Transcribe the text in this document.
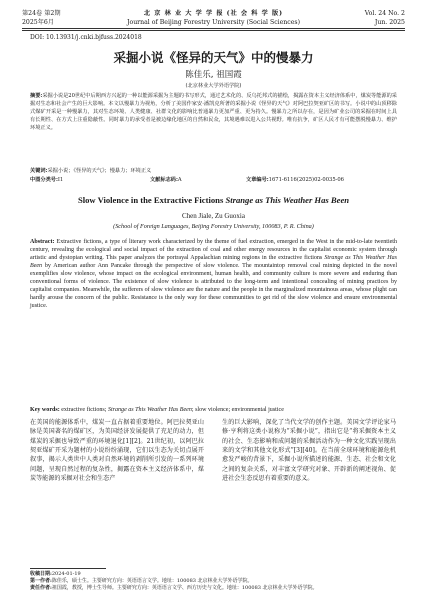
第24卷 第2期
2025年6月
北 京 林 业 大 学 学 报 (社 会 科 学 版)
Journal of Beijing Forestry University (Social Sciences)
Vol. 24 No. 2
Jun. 2025
DOI: 10.13931/j.cnki.bjfuss.2024018
采掘小说《怪异的天气》中的慢暴力
陈佳乐, 祖国霞
(北京林业大学外语学院)
摘要:采掘小说是20世纪中后期西方兴起的一种以能源采掘为主题的书写形式，通过艺术化的、反乌托邦式的描绘，揭露在资本主义经济体系中，煤炭等能源的采掘对生态和社会产生的巨大影响。本文以慢暴力为视角，分析了美国作家安·潘凯克所著的采掘小说《怪异的天气》对阿巴拉契亚矿区的书写。小说中的山顶移除式煤矿开采是一种慢暴力，其对生态环境、人类健康、社群文化的影响比普通暴力更加严重、更为持久。慢暴力之所以存在，是因为矿业公司的采掘在时间上具有长期性、在方式上注重隐蔽性。同时暴力的承受者是被边缘化地区的自然和民众，其境遇难以进入公共视野。唯有抗争，矿区人民才有可能摆脱慢暴力、维护环境正义。
关键词:采掘小说；《怪异的天气》；慢暴力；环境正义
中图分类号:I1	文献标志码:A	文章编号:1671-6116(2025)02-0035-06
Slow Violence in the Extractive Fictions Strange as This Weather Has Been
Chen Jiale, Zu Guoxia
(School of Foreign Languages, Beijing Forestry University, 100083, P. R. China)
Abstract: Extractive fictions, a type of literary work characterized by the theme of fuel extraction, emerged in the West in the mid-to-late twentieth century, revealing the ecological and social impact of the extraction of coal and other energy resources in the capitalist economic system through artistic and dystopian writing. This paper analyzes the portrayal Appalachian mining regions in the extractive fictions Strange as This Weather Has Been by American author Ann Pancake through the perspective of slow violence. The mountaintop removal coal mining depicted in the novel exemplifies slow violence, whose impact on the ecological environment, human health, and community culture is more severe and enduring than conventional forms of violence. The existence of slow violence is attributed to the long-term and intentional concealing of mining practices by capitalist companies. Meanwhile, the sufferers of slow violence are the nature and the people in the marginalized mountainous areas, whose plight can hardly arouse the concern of the public. Resistance is the only way for these communities to get rid of the slow violence and ensure environmental justice.
Key words: extractive fictions; Strange as This Weather Has Been; slow violence; environmental justice
在美国的能源体系中，煤炭一直占据着重要地位。阿巴拉契亚山脉是美国著名的煤矿区，为美国经济发展提供了充足的动力，但煤炭的采掘也导致严重的环境退化[1][2]。21世纪初，以阿巴拉契亚煤矿开采为题材的小说纷纷涌现，它们以生态为关切点展开叙事，揭示人类世中人类对自然环境的剥削所引发的一系列环境问题，呈现自然过程的复杂性，揭露在资本主义经济体系中，煤炭等能源的采掘对社会和生态产
生的巨大影响，深化了当代文学的创作主题。美国文学评论家马修·亨利将这类小说称为“采掘小说”，指出它是“将采掘资本主义的社会、生态影响和成问题的采掘活动作为一种文化实践呈现出来的文学和其他文化形式”[3][40]。在当前全球环境和能源危机愈发严峻的背景下，采掘小说所描述的能源、生态、社会和文化之间的复杂关系，对丰富文学研究对象、开辟新的阐述视角、促进社会生态反思有着重要的意义。
收稿日期:2024-01-19
第一作者:陈佳乐，硕士生。主要研究方向：英语语言文学。地址：100083 北京林业大学外语学院。
责任作者:祖国霞，教授，博士生导师。主要研究方向：英语语言文学、西方历史与文化。地址：100083 北京林业大学外语学院。
